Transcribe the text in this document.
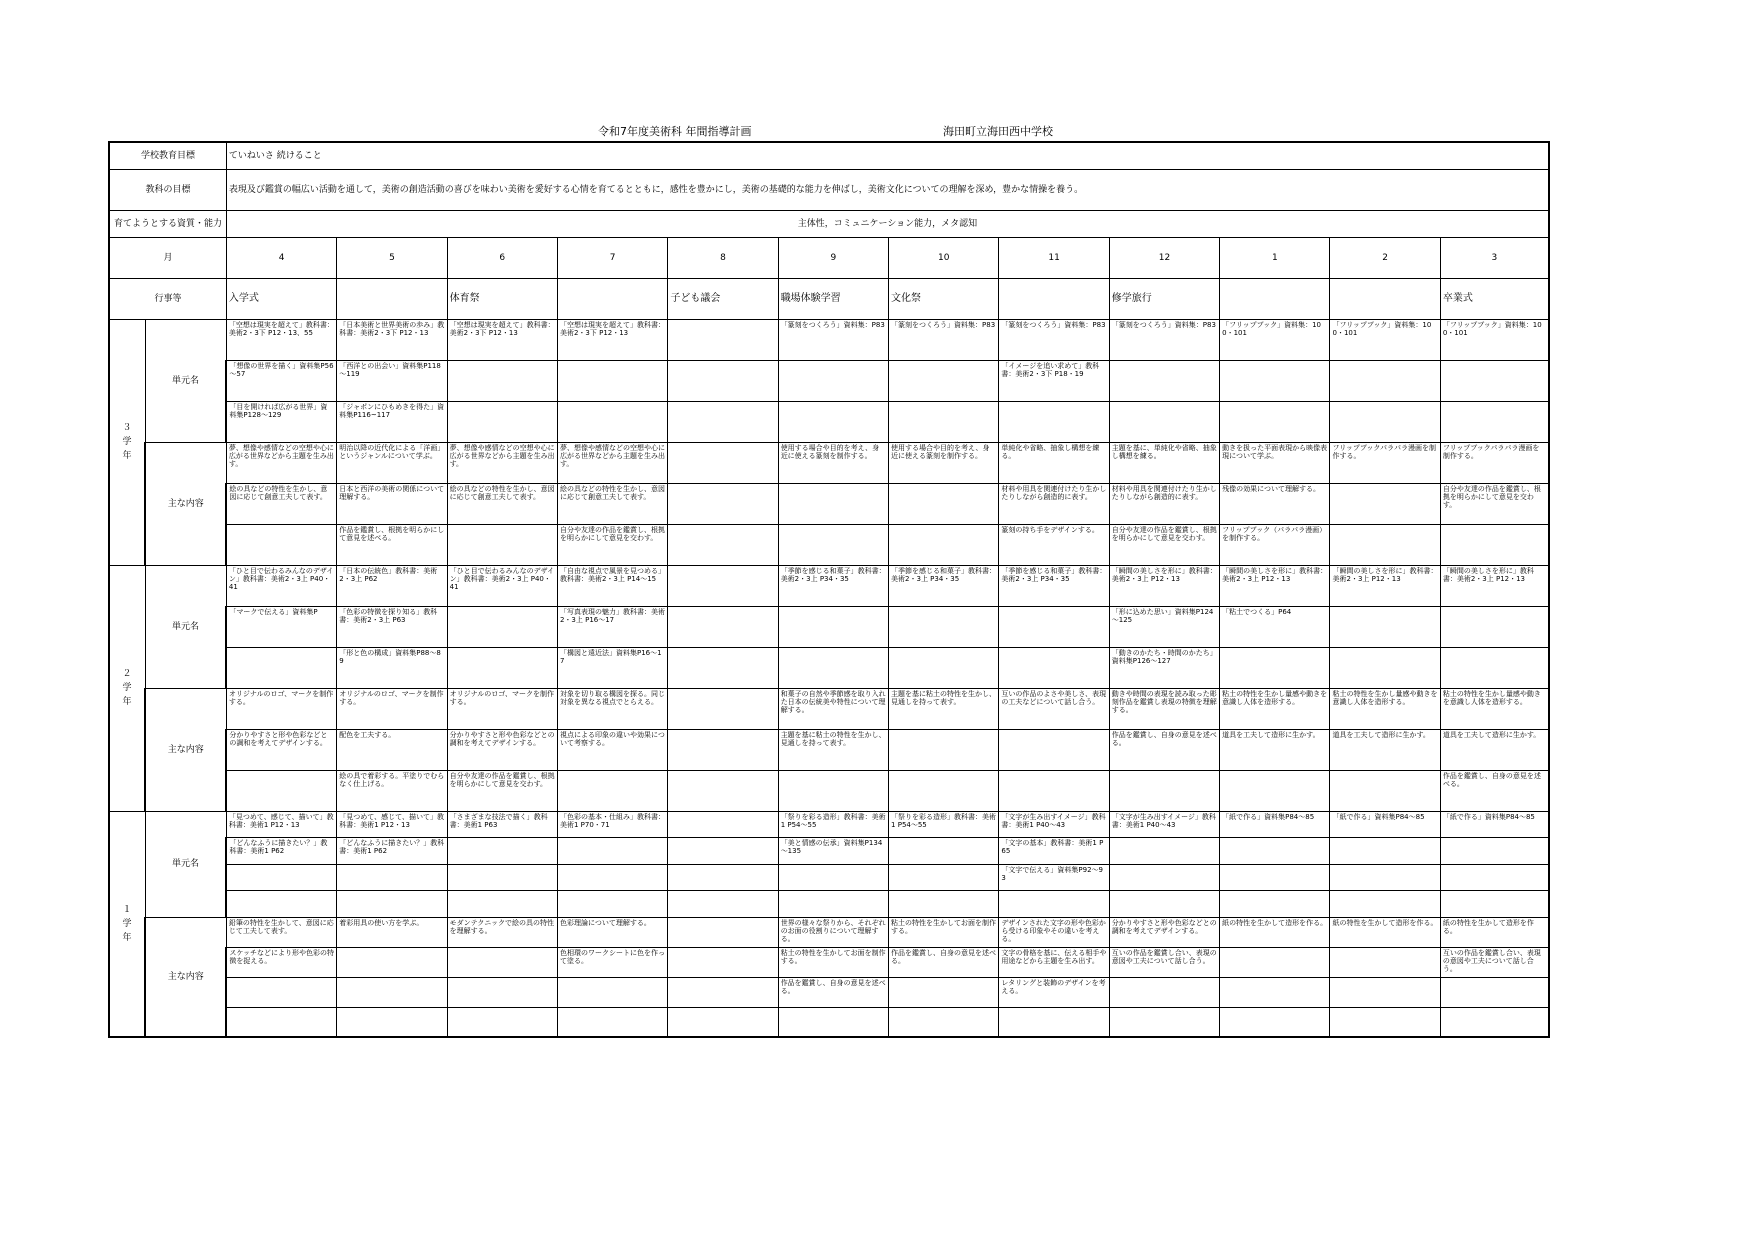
令和7年度美術科 年間指導計画	海田町立海田西中学校
学校教育目標		ていねいさ 続けること											
教科の目標		表現及び鑑賞の幅広い活動を通して，美術の創造活動の喜びを味わい美術を愛好する心情を育てるとともに，感性を豊かにし，美術の基礎的な能力を伸ばし，美術文化についての理解を深め，豊かな情操を養う。											
育てようとする資質・能力		主体性，コミュニケーション能力，メタ認知											
月		4	5	6	7	8	9	10	11	12	1	2	3
行事等		入学式		体育祭		子ども議会	職場体験学習	文化祭		修学旅行			卒業式

３
学
年	単元名	「空想は現実を超えて」教科書：美術2・3下 P12・13、55	「日本美術と世界美術の歩み」教科書：美術2・3下 P12・13	「空想は現実を超えて」教科書：美術2・3下 P12・13	「空想は現実を超えて」教科書：美術2・3下 P12・13		「篆刻をつくろう」資料集：P83	「篆刻をつくろう」資料集：P83	「篆刻をつくろう」資料集：P83	「篆刻をつくろう」資料集：P83	「フリップブック」資料集：100・101	「フリップブック」資料集：100・101	「フリップブック」資料集：100・101
		「想像の世界を描く」資料集P56～57	「西洋との出会い」資料集P118～119						「イメージを追い求めて」教科書：美術2・3下 P18・19				
		「目を開けれぱ広がる世界」資料集P128～129	「ジャポンにひもめきを得た」資料集P116~117										
	主な内容	夢、想像や感情などの空想や心に広がる世界などから主題を生み出す。	明治以降の近代化による「洋画」というジャンルについて学ぶ。	夢、想像や感情などの空想や心に広がる世界などから主題を生み出す。	夢、想像や感情などの空想や心に広がる世界などから主題を生み出す。		使用する場合や目的を考え、身近に使える篆刻を制作する。	使用する場合や目的を考え、身近に使える篆刻を制作する。	単純化や省略、抽象し構想を練る。	主題を基に、単純化や省略、抽象し構想を練る。	動きを扱った平面表現から映像表現について学ぶ。	フリップブックパラパラ漫画を制作する。	フリップブックパラパラ漫画を制作する。
		絵の具などの特性を生かし、意図に応じて創意工夫して表す。	日本と西洋の美術の関係について理解する。	絵の具などの特性を生かし、意図に応じて創意工夫して表す。	絵の具などの特性を生かし、意図に応じて創意工夫して表す。				材料や用具を関連付けたり生かしたりしながら創造的に表す。	材料や用具を関連付けたり生かしたりしながら創造的に表す。	残像の効果について理解する。		自分や友達の作品を鑑賞し、根拠を明らかにして意見を交わす。
			作品を鑑賞し、根拠を明らかにして意見を述べる。		自分や友達の作品を鑑賞し、根拠を明らかにして意見を交わす。				篆刻の持ち手をデザインする。	自分や友達の作品を鑑賞し、根拠を明らかにして意見を交わす。	フリップブック（パラパラ漫画）を制作する。		

２
学
年	単元名	「ひと目で伝わるみんなのデザイン」教科書：美術2・3上 P40・41	「日本の伝統色」教科書：美術2・3上 P62	「ひと目で伝わるみんなのデザイン」教科書：美術2・3上 P40・41	「自由な視点で風景を見つめる」教科書：美術2・3上 P14～15		「季節を感じる和菓子」教科書：美術2・3上 P34・35	「季節を感じる和菓子」教科書：美術2・3上 P34・35	「季節を感じる和菓子」教科書：美術2・3上 P34・35	「瞬間の美しさを形に」教科書：美術2・3上 P12・13	「瞬間の美しさを形に」教科書：美術2・3上 P12・13	「瞬間の美しさを形に」教科書：美術2・3上 P12・13	「瞬間の美しさを形に」教科書：美術2・3上 P12・13
		「マークで伝える」資料集P	「色彩の特徴を探り知る」教科書：美術2・3上 P63		「写真表現の魅力」教科書：美術2・3上 P16～17					「形に込めた思い」資料集P124～125	「粘土でつくる」P64		
			「形と色の構成」資料集P88～89		「構図と遠近法」資料集P16～17					「動きのかたち・時間のかたち」資料集P126～127			
	主な内容	オリジナルのロゴ、マークを制作する。	オリジナルのロゴ、マークを制作する。	オリジナルのロゴ、マークを制作する。	対象を切り取る構図を探る。同じ対象を異なる視点でとらえる。		和菓子の自然や季節感を取り入れた日本の伝統美や特性について理解する。	主題を基に粘土の特性を生かし、見通しを持って表す。	互いの作品のよさや美しさ、表現の工夫などについて話し合う。	動きや時間の表現を読み取った彫刻作品を鑑賞し表現の特徴を理解する。	粘土の特性を生かし量感や動きを意識し人体を造形する。	粘土の特性を生かし量感や動きを意識し人体を造形する。	粘土の特性を生かし量感や動きを意識し人体を造形する。
		分かりやすさと形や色彩などとの調和を考えてデザインする。	配色を工夫する。	分かりやすさと形や色彩などとの調和を考えてデザインする。	視点による印象の違いや効果について考察する。		主題を基に粘土の特性を生かし、見通しを持って表す。			作品を鑑賞し、自身の意見を述べる。	道具を工夫して造形に生かす。	道具を工夫して造形に生かす。	道具を工夫して造形に生かす。
			絵の具で着彩する。平塗りでむらなく仕上げる。	自分や友達の作品を鑑賞し、根拠を明らかにして意見を交わす。									作品を鑑賞し、自身の意見を述べる。

１
学
年	単元名	「見つめて、感じて、描いて」教科書：美術1 P12・13	「見つめて、感じて、描いて」教科書：美術1 P12・13	「さまざまな技法で描く」教科書：美術1 P63	「色彩の基本・仕組み」教科書：美術1 P70・71		「祭りを彩る造形」教科書：美術1 P54～55	「祭りを彩る造形」教科書：美術1 P54～55	「文字が生み出すイメージ」教科書：美術1 P40～43	「文字が生み出すイメージ」教科書：美術1 P40～43	「紙で作る」資料集P84～85	「紙で作る」資料集P84～85	「紙で作る」資料集P84～85
		「どんなふうに描きたい？」教科書：美術1 P62	「どんなふうに描きたい？」教科書：美術1 P62				「美と情感の伝承」資料集P134～135		「文字の基本」教科書：美術1 P65				
									「文字で伝える」資料集P92～93				

	主な内容	鉛筆の特性を生かして、意図に応じて工夫して表す。	着彩用具の使い方を学ぶ。	モダンテクニックで絵の具の特性を理解する。	色彩理論について理解する。		世界の様々な祭りから、それぞれのお面の役割りについて理解する。	粘土の特性を生かしてお面を制作する。	デザインされた文字の形や色彩から受ける印象やその違いを考える。	分かりやすさと形や色彩などとの調和を考えてデザインする。	紙の特性を生かして造形を作る。	紙の特性を生かして造形を作る。	紙の特性を生かして造形を作る。
		スケッチなどにより形や色彩の特徴を捉える。			色相環のワークシートに色を作って塗る。		粘土の特性を生かしてお面を制作する。	作品を鑑賞し、自身の意見を述べる。	文字の骨格を基に、伝える相手や用途などから主題を生み出す。	互いの作品を鑑賞し合い、表現の意図や工夫について話し合う。			互いの作品を鑑賞し合い、表現の意図や工夫について話し合う。
							作品を鑑賞し、自身の意見を述べる。		レタリングと装飾のデザインを考える。				
